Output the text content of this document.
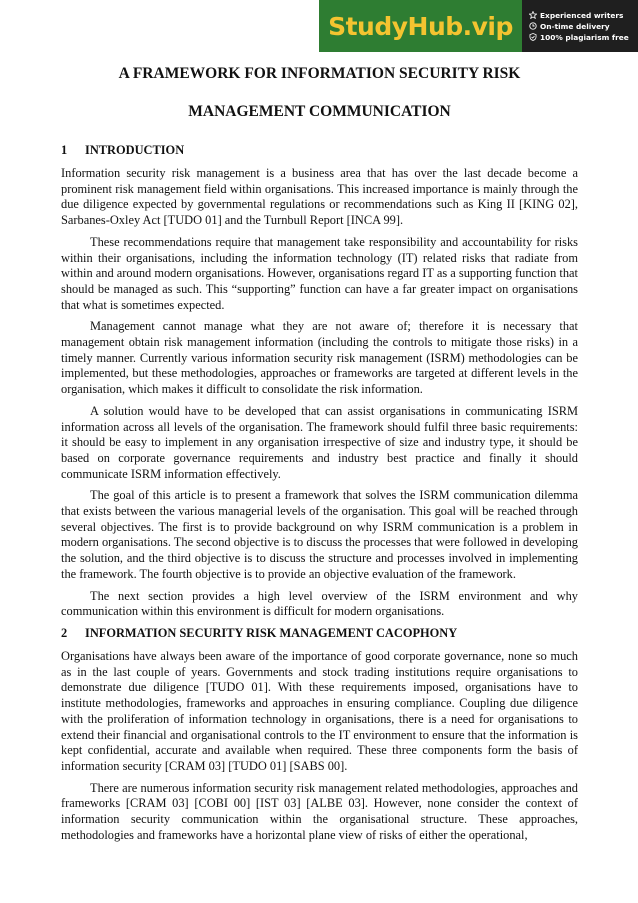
StudyHub.vip	Experienced writers
On-time delivery
100% plagiarism free
A FRAMEWORK FOR INFORMATION SECURITY RISK
MANAGEMENT COMMUNICATION
1	INTRODUCTION

Information security risk management is a business area that has over the last decade become a prominent risk management field within organisations. This increased importance is mainly through the due diligence expected by governmental regulations or recommendations such as King II [KING 02], Sarbanes-Oxley Act [TUDO 01] and the Turnbull Report [INCA 99].

These recommendations require that management take responsibility and accountability for risks within their organisations, including the information technology (IT) related risks that radiate from within and around modern organisations. However, organisations regard IT as a supporting function that should be managed as such. This “supporting” function can have a far greater impact on organisations that what is sometimes expected.

Management cannot manage what they are not aware of; therefore it is necessary that management obtain risk management information (including the controls to mitigate those risks) in a timely manner. Currently various information security risk management (ISRM) methodologies can be implemented, but these methodologies, approaches or frameworks are targeted at different levels in the organisation, which makes it difficult to consolidate the risk information.

A solution would have to be developed that can assist organisations in communicating ISRM information across all levels of the organisation. The framework should fulfil three basic requirements: it should be easy to implement in any organisation irrespective of size and industry type, it should be based on corporate governance requirements and industry best practice and finally it should communicate ISRM information effectively.

The goal of this article is to present a framework that solves the ISRM communication dilemma that exists between the various managerial levels of the organisation. This goal will be reached through several objectives. The first is to provide background on why ISRM communication is a problem in modern organisations. The second objective is to discuss the processes that were followed in developing the solution, and the third objective is to discuss the structure and processes involved in implementing the framework. The fourth objective is to provide an objective evaluation of the framework.

The next section provides a high level overview of the ISRM environment and why communication within this environment is difficult for modern organisations.

2	INFORMATION SECURITY RISK MANAGEMENT CACOPHONY

Organisations have always been aware of the importance of good corporate governance, none so much as in the last couple of years. Governments and stock trading institutions require organisations to demonstrate due diligence [TUDO 01]. With these requirements imposed, organisations have to institute methodologies, frameworks and approaches in ensuring compliance. Coupling due diligence with the proliferation of information technology in organisations, there is a need for organisations to extend their financial and organisational controls to the IT environment to ensure that the information is kept confidential, accurate and available when required. These three components form the basis of information security [CRAM 03] [TUDO 01] [SABS 00].

There are numerous information security risk management related methodologies, approaches and frameworks [CRAM 03] [COBI 00] [IST 03] [ALBE 03]. However, none consider the context of information security communication within the organisational structure. These approaches, methodologies and frameworks have a horizontal plane view of risks of either the operational,
